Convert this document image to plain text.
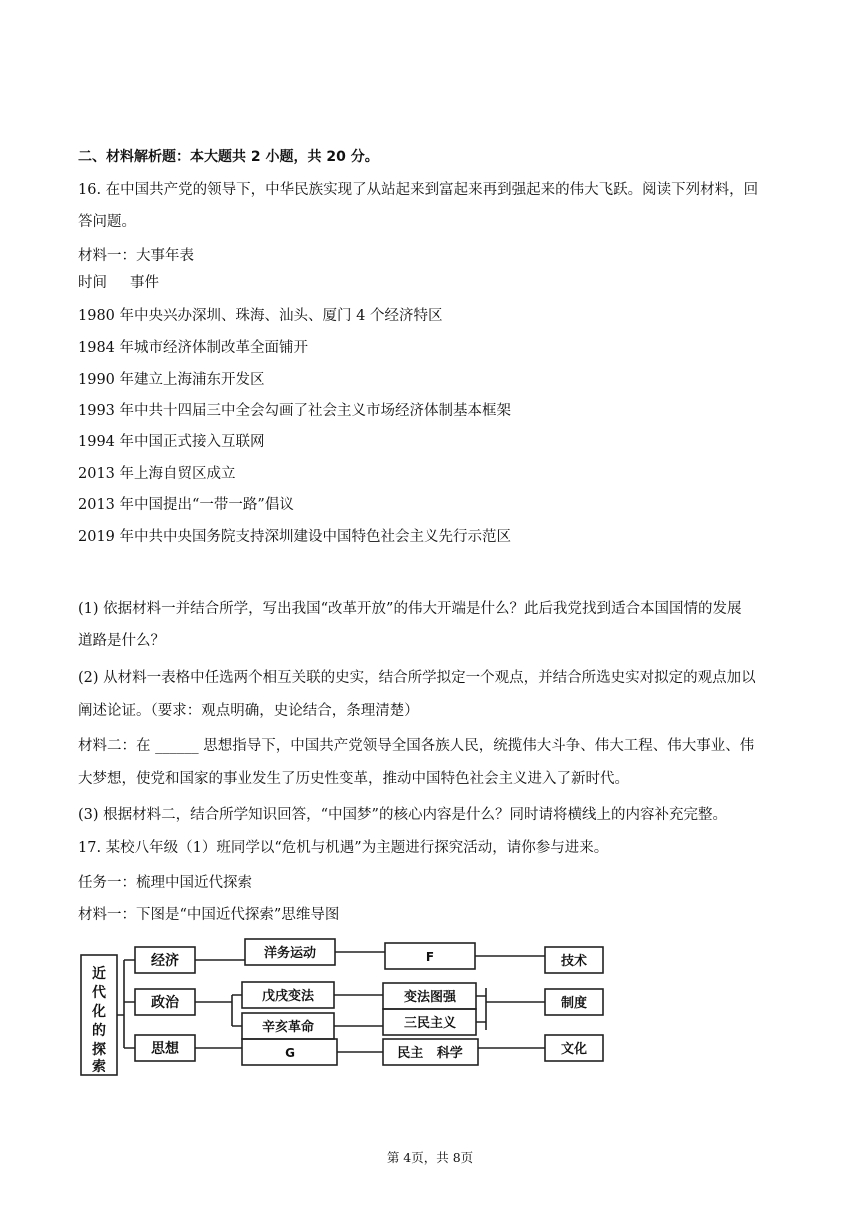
二、材料解析题：本大题共 2 小题，共 20 分。
16. 在中国共产党的领导下，中华民族实现了从站起来到富起来再到强起来的伟大飞跃。阅读下列材料，回
答问题。
材料一：大事年表
时间     事件
1980 年中央兴办深圳、珠海、汕头、厦门 4 个经济特区
1984 年城市经济体制改革全面铺开
1990 年建立上海浦东开发区
1993 年中共十四届三中全会勾画了社会主义市场经济体制基本框架
1994 年中国正式接入互联网
2013 年上海自贸区成立
2013 年中国提出“一带一路”倡议
2019 年中共中央国务院支持深圳建设中国特色社会主义先行示范区
(1) 依据材料一并结合所学，写出我国“改革开放”的伟大开端是什么？此后我党找到适合本国国情的发展
道路是什么？
(2) 从材料一表格中任选两个相互关联的史实，结合所学拟定一个观点，并结合所选史实对拟定的观点加以
阐述论证。（要求：观点明确，史论结合，条理清楚）
材料二：在 ______ 思想指导下，中国共产党领导全国各族人民，统揽伟大斗争、伟大工程、伟大事业、伟
大梦想，使党和国家的事业发生了历史性变革，推动中国特色社会主义进入了新时代。
(3) 根据材料二，结合所学知识回答，“中国梦”的核心内容是什么？同时请将横线上的内容补充完整。
17. 某校八年级（1）班同学以“危机与机遇”为主题进行探究活动，请你参与进来。
任务一：梳理中国近代探索
材料一：下图是“中国近代探索”思维导图
近
代
化
的
探
索
经济
政治
思想
洋务运动
戊戌变法
辛亥革命
G
F
变法图强
三民主义
民主   科学
技术
制度
文化
第 4页，共 8页
